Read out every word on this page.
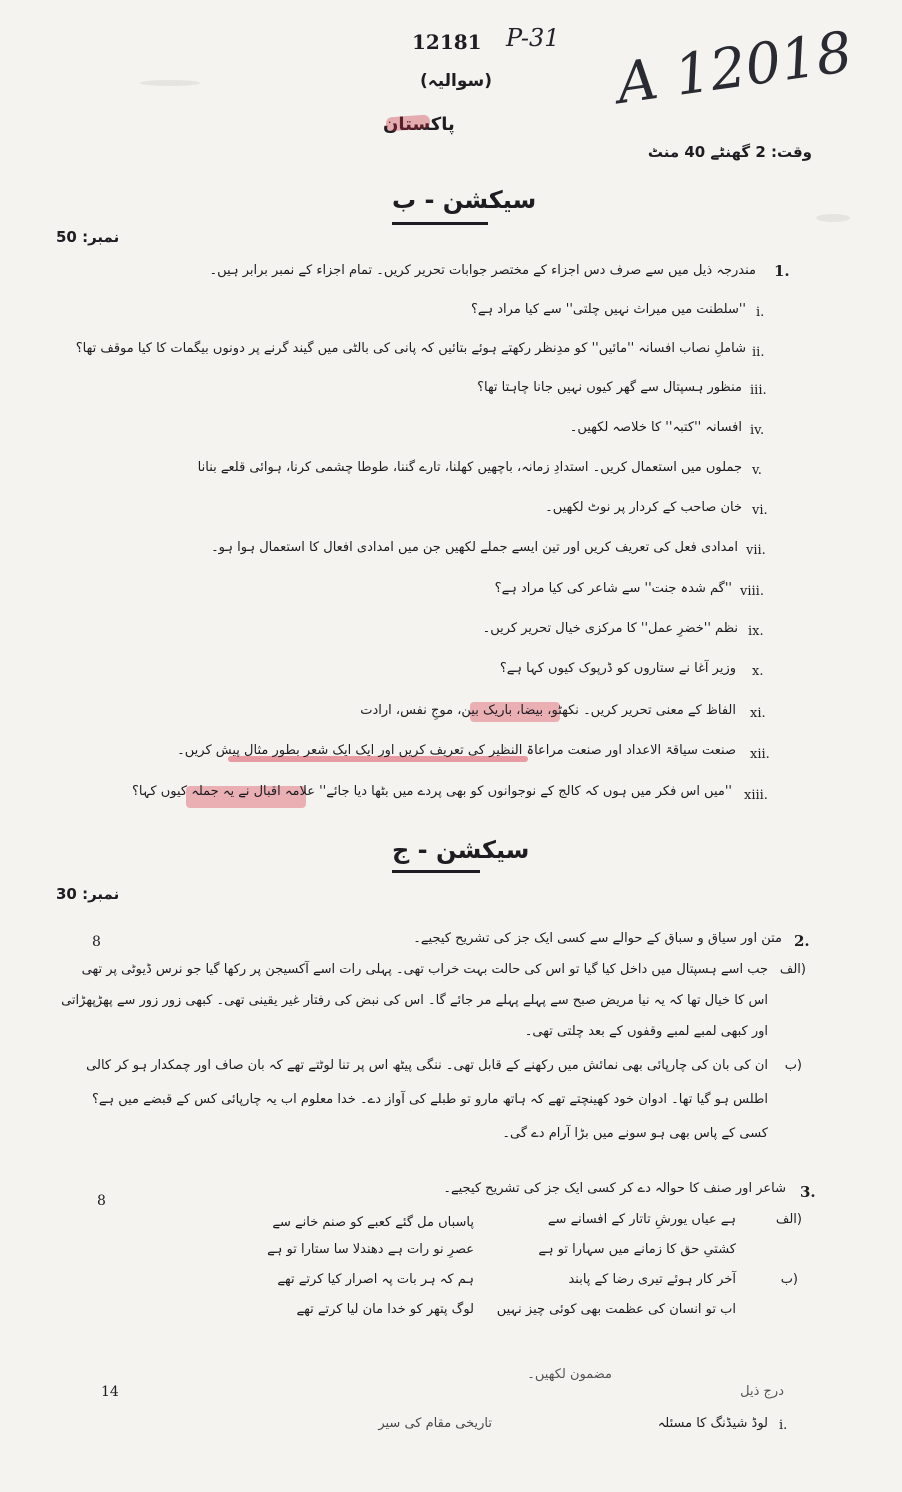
12181 P-31
(سوالیہ)
پاکستان
A 12018
وقت: 2 گھنٹے 40 منٹ
سیکشن - ب
نمبر: 50
1.
مندرجہ ذیل میں سے صرف دس اجزاء کے مختصر جوابات تحریر کریں۔ تمام اجزاء کے نمبر برابر ہیں۔
i.
''سلطنت میں میراث نہیں چلتی'' سے کیا مراد ہے؟
ii.
شاملِ نصاب افسانہ ''مائیں'' کو مدِنظر رکھتے ہوئے بتائیں کہ پانی کی بالٹی میں گیند گرنے پر دونوں بیگمات کا کیا موقف تھا؟
iii.
منظور ہسپتال سے گھر کیوں نہیں جانا چاہتا تھا؟
iv.
افسانہ ''کتبہ'' کا خلاصہ لکھیں۔
v.
جملوں میں استعمال کریں۔ استدادِ زمانہ، باچھیں کھلنا، تارے گننا، طوطا چشمی کرنا، ہوائی قلعے بنانا
vi.
خان صاحب کے کردار پر نوٹ لکھیں۔
vii.
امدادی فعل کی تعریف کریں اور تین ایسے جملے لکھیں جن میں امدادی افعال کا استعمال ہوا ہو۔
viii.
''گم شدہ جنت'' سے شاعر کی کیا مراد ہے؟
ix.
نظم ''خضرِ عمل'' کا مرکزی خیال تحریر کریں۔
x.
وزیر آغا نے ستاروں کو ڈرپوک کیوں کہا ہے؟
xi.
الفاظ کے معنی تحریر کریں۔ نکھٹو، بیضا، باریک بین، موجِ نفس، ارادت
xii.
صنعت سیاقۃ الاعداد اور صنعت مراعاۃ النظیر کی تعریف کریں اور ایک ایک شعر بطور مثال پیش کریں۔
xiii.
''میں اس فکر میں ہوں کہ کالج کے نوجوانوں کو بھی پردے میں بٹھا دیا جائے'' علامہ اقبال نے یہ جملہ کیوں کہا؟
سیکشن - ج
نمبر: 30
2.
8	متن اور سیاق و سباق کے حوالے سے کسی ایک جز کی تشریح کیجیے۔
(الف
جب اسے ہسپتال میں داخل کیا گیا تو اس کی حالت بہت خراب تھی۔ پہلی رات اسے آکسیجن پر رکھا گیا جو نرس ڈیوٹی پر تھی
اس کا خیال تھا کہ یہ نیا مریض صبح سے پہلے پہلے مر جائے گا۔ اس کی نبض کی رفتار غیر یقینی تھی۔ کبھی زور زور سے پھڑپھڑاتی
اور کبھی لمبے لمبے وقفوں کے بعد چلتی تھی۔
(ب
ان کی بان کی چارپائی بھی نمائش میں رکھنے کے قابل تھی۔ ننگی پیٹھ اس پر تنا لوٹتے تھے کہ بان صاف اور چمکدار ہو کر کالی
اطلس ہو گیا تھا۔ ادوان خود کھینچتے تھے کہ ہاتھ مارو تو طبلے کی آواز دے۔ خدا معلوم اب یہ چارپائی کس کے قبضے میں ہے؟
کسی کے پاس بھی ہو سونے میں بڑا آرام دے گی۔
3.
8
شاعر اور صنف کا حوالہ دے کر کسی ایک جز کی تشریح کیجیے۔
(الف
ہے عیاں یورشِ تاتار کے افسانے سے
کشتیِ حق کا زمانے میں سہارا تو ہے
پاسباں مل گئے کعبے کو صنم خانے سے
عصرِ نو رات ہے دھندلا سا ستارا تو ہے
(ب
آخر کار ہوئے تیری رضا کے پابند
اب تو انسان کی عظمت بھی کوئی چیز نہیں
ہم کہ ہر بات پہ اصرار کیا کرتے تھے
لوگ پتھر کو خدا مان لیا کرتے تھے
14	درج ذیل
مضمون لکھیں۔
i.
لوڈ شیڈنگ کا مسئلہ
تاریخی مقام کی سیر
